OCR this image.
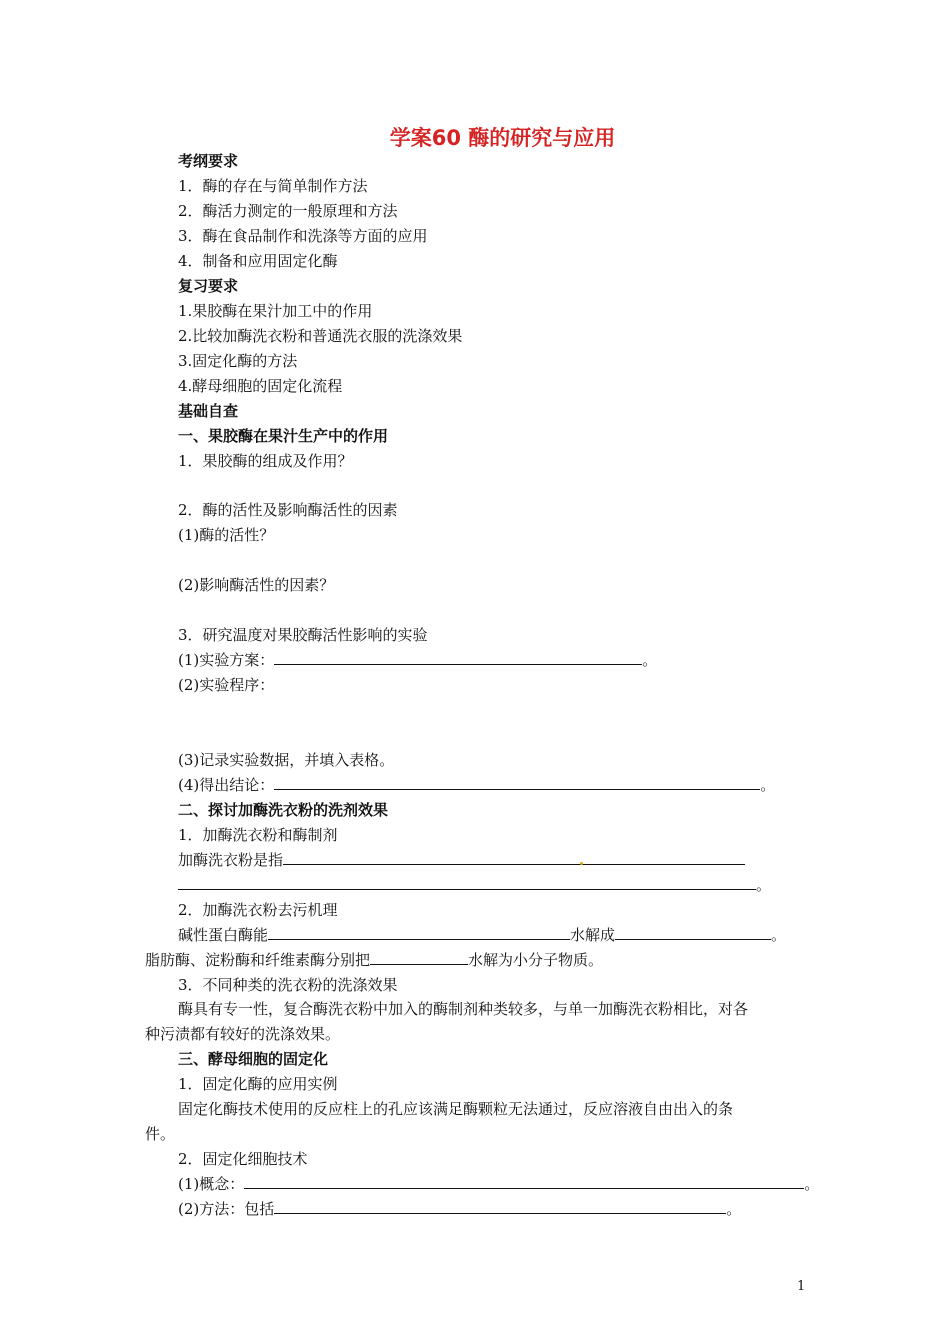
学案60 酶的研究与应用
考纲要求
1．酶的存在与简单制作方法
2．酶活力测定的一般原理和方法
3．酶在食品制作和洗涤等方面的应用
4．制备和应用固定化酶
复习要求
1.果胶酶在果汁加工中的作用
2.比较加酶洗衣粉和普通洗衣服的洗涤效果
3.固定化酶的方法
4.酵母细胞的固定化流程
基础自查
一、果胶酶在果汁生产中的作用
1．果胶酶的组成及作用？
2．酶的活性及影响酶活性的因素
(1)酶的活性？
(2)影响酶活性的因素？
3．研究温度对果胶酶活性影响的实验
(1)实验方案：	。
(2)实验程序：
(3)记录实验数据，并填入表格。
(4)得出结论：	。
二、探讨加酶洗衣粉的洗剂效果
1．加酶洗衣粉和酶制剂
加酶洗衣粉是指
。
2．加酶洗衣粉去污机理
碱性蛋白酶能	水解成	。
脂肪酶、淀粉酶和纤维素酶分别把	水解为小分子物质。
3．不同种类的洗衣粉的洗涤效果
酶具有专一性，复合酶洗衣粉中加入的酶制剂种类较多，与单一加酶洗衣粉相比，对各
种污渍都有较好的洗涤效果。
三、酵母细胞的固定化
1．固定化酶的应用实例
固定化酶技术使用的反应柱上的孔应该满足酶颗粒无法通过，反应溶液自由出入的条
件。
2．固定化细胞技术
(1)概念：	。
(2)方法：包括	。
1
